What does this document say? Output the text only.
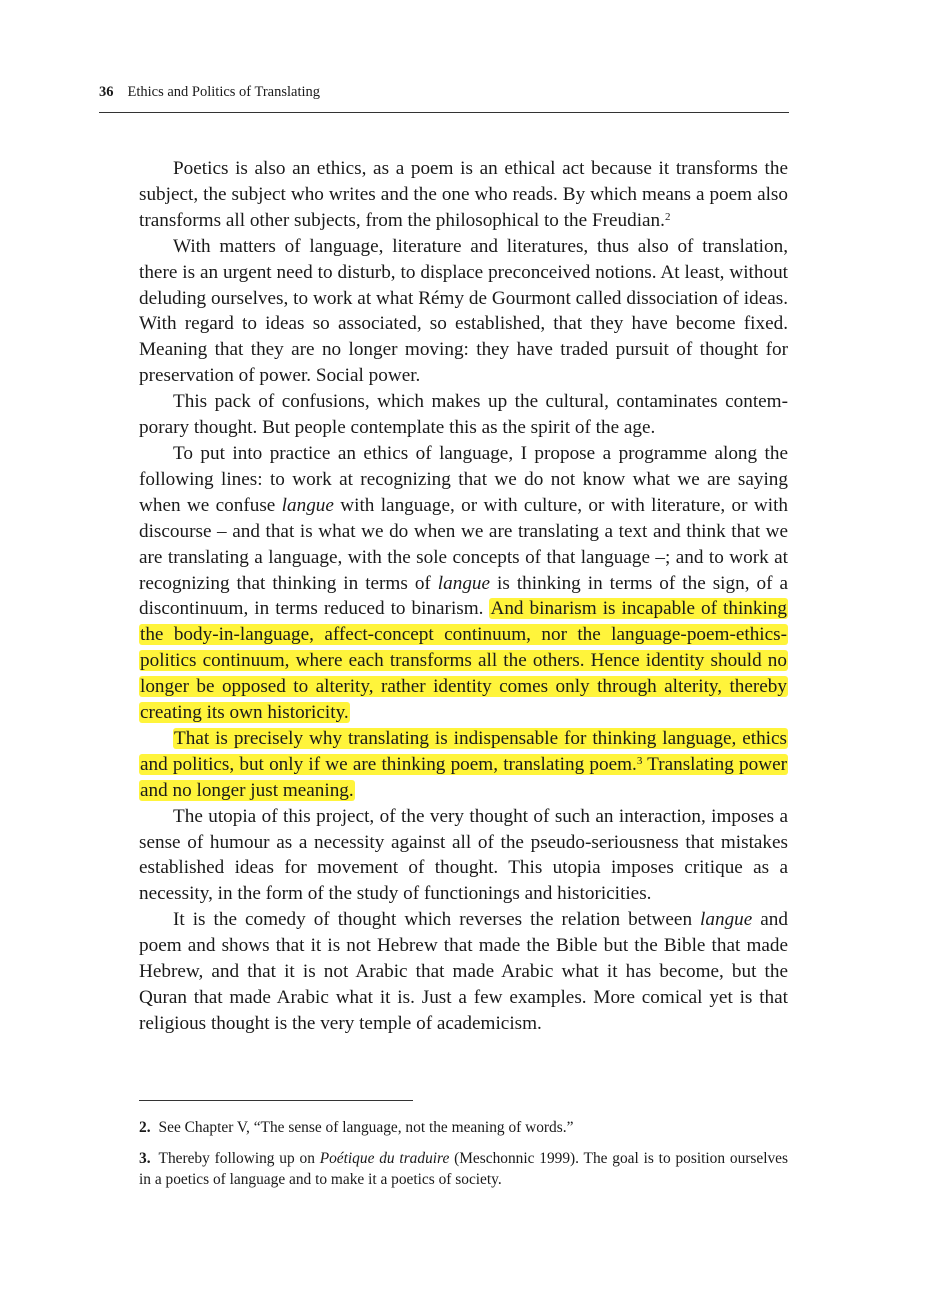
36 Ethics and Politics of Translating

Poetics is also an ethics, as a poem is an ethical act because it transforms the subject, the subject who writes and the one who reads. By which means a poem also transforms all other subjects, from the philosophical to the Freudian.$^2$

With matters of language, literature and literatures, thus also of translation, there is an urgent need to disturb, to displace preconceived notions. At least, without deluding ourselves, to work at what Rémy de Gourmont called dissociation of ideas. With regard to ideas so associated, so established, that they have become fixed. Meaning that they are no longer moving: they have traded pursuit of thought for preservation of power. Social power.

This pack of confusions, which makes up the cultural, contaminates contemporary thought. But people contemplate this as the spirit of the age.

To put into practice an ethics of language, I propose a programme along the following lines: to work at recognizing that we do not know what we are saying when we confuse langue with language, or with culture, or with literature, or with discourse – and that is what we do when we are translating a text and think that we are translating a language, with the sole concepts of that language –; and to work at recognizing that thinking in terms of langue is thinking in terms of the sign, of a discontinuum, in terms reduced to binarism. And binarism is incapable of thinking the body-in-language, affect-concept continuum, nor the language-poem-ethics-politics continuum, where each transforms all the others. Hence identity should no longer be opposed to alterity, rather identity comes only through alterity, thereby creating its own historicity.

That is precisely why translating is indispensable for thinking language, ethics and politics, but only if we are thinking poem, translating poem.$^3$ Translating power and no longer just meaning.

The utopia of this project, of the very thought of such an interaction, imposes a sense of humour as a necessity against all of the pseudo-seriousness that mistakes established ideas for movement of thought. This utopia imposes critique as a necessity, in the form of the study of functionings and historicities.

It is the comedy of thought which reverses the relation between langue and poem and shows that it is not Hebrew that made the Bible but the Bible that made Hebrew, and that it is not Arabic that made Arabic what it has become, but the Quran that made Arabic what it is. Just a few examples. More comical yet is that religious thought is the very temple of academicism.

2. See Chapter V, “The sense of language, not the meaning of words.”

3. Thereby following up on Poétique du traduire (Meschonnic 1999). The goal is to position ourselves in a poetics of language and to make it a poetics of society.
